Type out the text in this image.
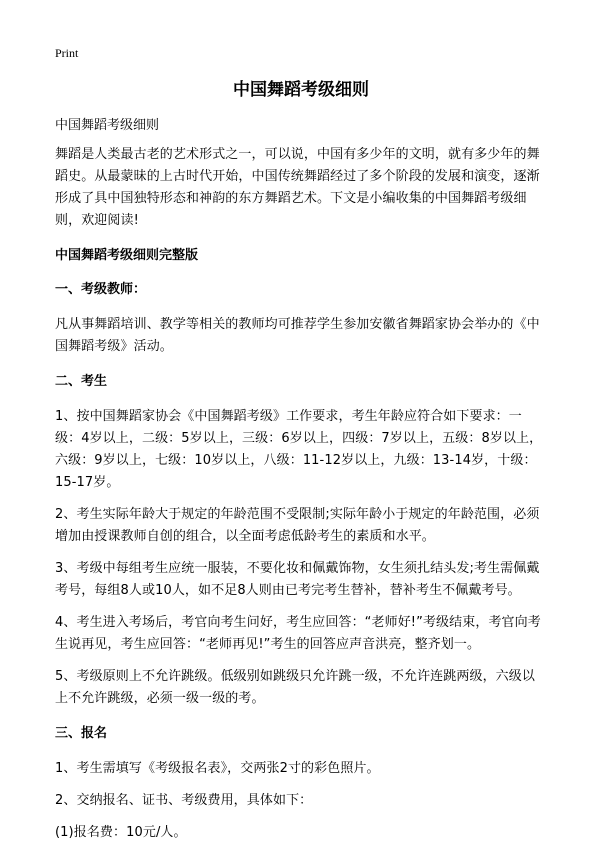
Print
中国舞蹈考级细则
中国舞蹈考级细则

舞蹈是人类最古老的艺术形式之一，可以说，中国有多少年的文明，就有多少年的舞蹈史。从最蒙昧的上古时代开始，中国传统舞蹈经过了多个阶段的发展和演变，逐渐形成了具中国独特形态和神韵的东方舞蹈艺术。下文是小编收集的中国舞蹈考级细则，欢迎阅读!

中国舞蹈考级细则完整版
一、考级教师：

凡从事舞蹈培训、教学等相关的教师均可推荐学生参加安徽省舞蹈家协会举办的《中国舞蹈考级》活动。

二、考生

1、按中国舞蹈家协会《中国舞蹈考级》工作要求，考生年龄应符合如下要求：一级：4岁以上，二级：5岁以上，三级：6岁以上，四级：7岁以上，五级：8岁以上，六级：9岁以上，七级：10岁以上，八级：11-12岁以上，九级：13-14岁，十级：15-17岁。

2、考生实际年龄大于规定的年龄范围不受限制;实际年龄小于规定的年龄范围，必须增加由授课教师自创的组合，以全面考虑低龄考生的素质和水平。

3、考级中每组考生应统一服装，不要化妆和佩戴饰物，女生须扎结头发;考生需佩戴考号，每组8人或10人，如不足8人则由已考完考生替补，替补考生不佩戴考号。

4、考生进入考场后，考官向考生问好，考生应回答：“老师好!”考级结束，考官向考生说再见，考生应回答：“老师再见!”考生的回答应声音洪亮，整齐划一。

5、考级原则上不允许跳级。低级别如跳级只允许跳一级，不允许连跳两级，六级以上不允许跳级，必须一级一级的考。

三、报名

1、考生需填写《考级报名表》，交两张2寸的彩色照片。

2、交纳报名、证书、考级费用，具体如下：

(1)报名费：10元/人。
